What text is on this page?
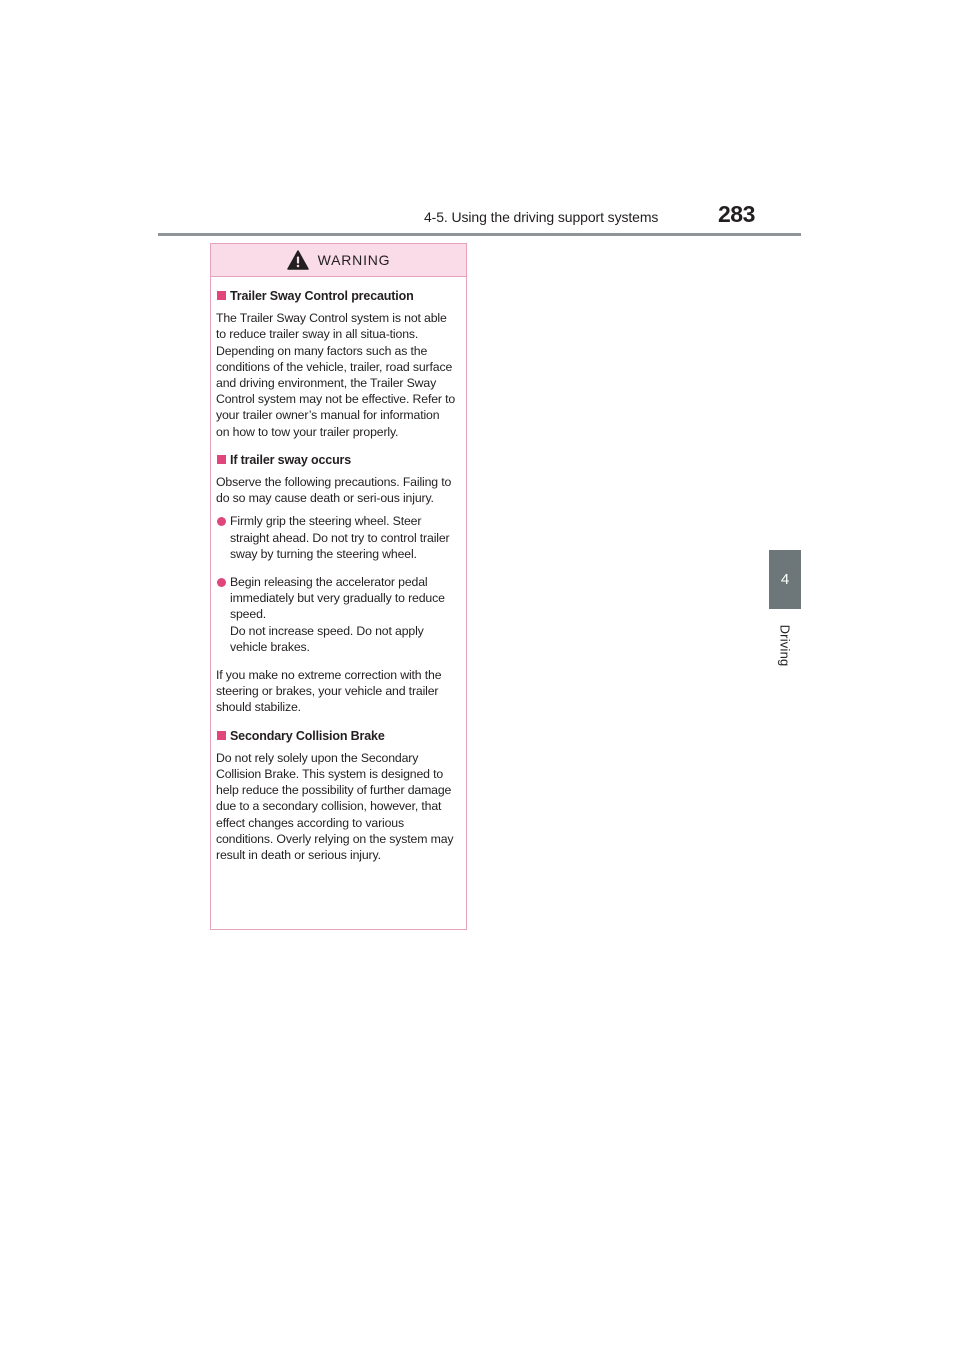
4-5. Using the driving support systems	283
4
Driving
WARNING
Trailer Sway Control precaution

The Trailer Sway Control system is not able to reduce trailer sway in all situa-tions. Depending on many factors such as the conditions of the vehicle, trailer, road surface and driving environment, the Trailer Sway Control system may not be effective. Refer to your trailer owner’s manual for information on how to tow your trailer properly.

If trailer sway occurs

Observe the following precautions. Failing to do so may cause death or seri-ous injury.

Firmly grip the steering wheel. Steer straight ahead. Do not try to control trailer sway by turning the steering wheel.
Begin releasing the accelerator pedal immediately but very gradually to reduce speed.
Do not increase speed. Do not apply vehicle brakes.

If you make no extreme correction with the steering or brakes, your vehicle and trailer should stabilize.

Secondary Collision Brake

Do not rely solely upon the Secondary Collision Brake. This system is designed to help reduce the possibility of further damage due to a secondary collision, however, that effect changes according to various conditions. Overly relying on the system may result in death or serious injury.
